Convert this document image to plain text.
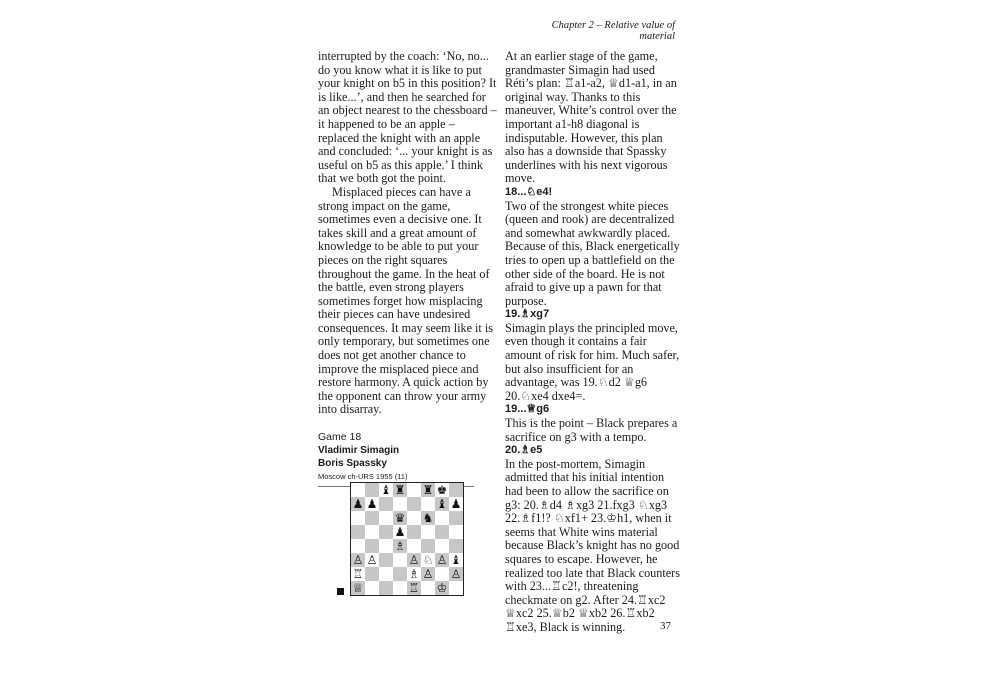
Chapter 2 – Relative value of material

interrupted by the coach: ‘No, no... do you know what it is like to put your knight on b5 in this position? It is like...’, and then he searched for an object nearest to the chessboard – it happened to be an apple – replaced the knight with an apple and concluded: ‘... your knight is as useful on b5 as this apple.’ I think that we both got the point.

Misplaced pieces can have a strong impact on the game, sometimes even a decisive one. It takes skill and a great amount of knowledge to be able to put your pieces on the right squares throughout the game. In the heat of the battle, even strong players sometimes forget how misplacing their pieces can have undesired consequences. It may seem like it is only temporary, but sometimes one does not get another chance to improve the misplaced piece and restore harmony. A quick action by the opponent can throw your army into disarray.

Game 18
Vladimir Simagin
Boris Spassky
Moscow ch-URS 1955 (11)
♝ ♜ ♜ ♚
♟ ♟	♝ ♟
♛ ♞
♟
♗
♙ ♙	♙ ♘ ♙ ♝
♖	♗ ♙ ♙
♕	♖ ♔

At an earlier stage of the game, grandmaster Simagin had used Réti’s plan: ♖a1-a2, ♕d1-a1, in an original way. Thanks to this maneuver, White’s control over the important a1-h8 diagonal is indisputable. However, this plan also has a downside that Spassky underlines with his next vigorous move.

18...♘e4!

Two of the strongest white pieces (queen and rook) are decentralized and somewhat awkwardly placed. Because of this, Black energetically tries to open up a battlefield on the other side of the board. He is not afraid to give up a pawn for that purpose.

19.♗xg7

Simagin plays the principled move, even though it contains a fair amount of risk for him. Much safer, but also insufficient for an advantage, was 19.♘d2 ♕g6 20.♘xe4 dxe4=.

19...♕g6

This is the point – Black prepares a sacrifice on g3 with a tempo.

20.♗e5

In the post-mortem, Simagin admitted that his initial intention had been to allow the sacrifice on g3: 20.♗d4 ♗xg3 21.fxg3 ♘xg3 22.♗f1!? ♘xf1+ 23.♔h1, when it seems that White wins material because Black’s knight has no good squares to escape. However, he realized too late that Black counters with 23...♖c2!, threatening checkmate on g2. After 24.♖xc2 ♕xc2 25.♕b2 ♕xb2 26.♖xb2 ♖xe3, Black is winning.	37
